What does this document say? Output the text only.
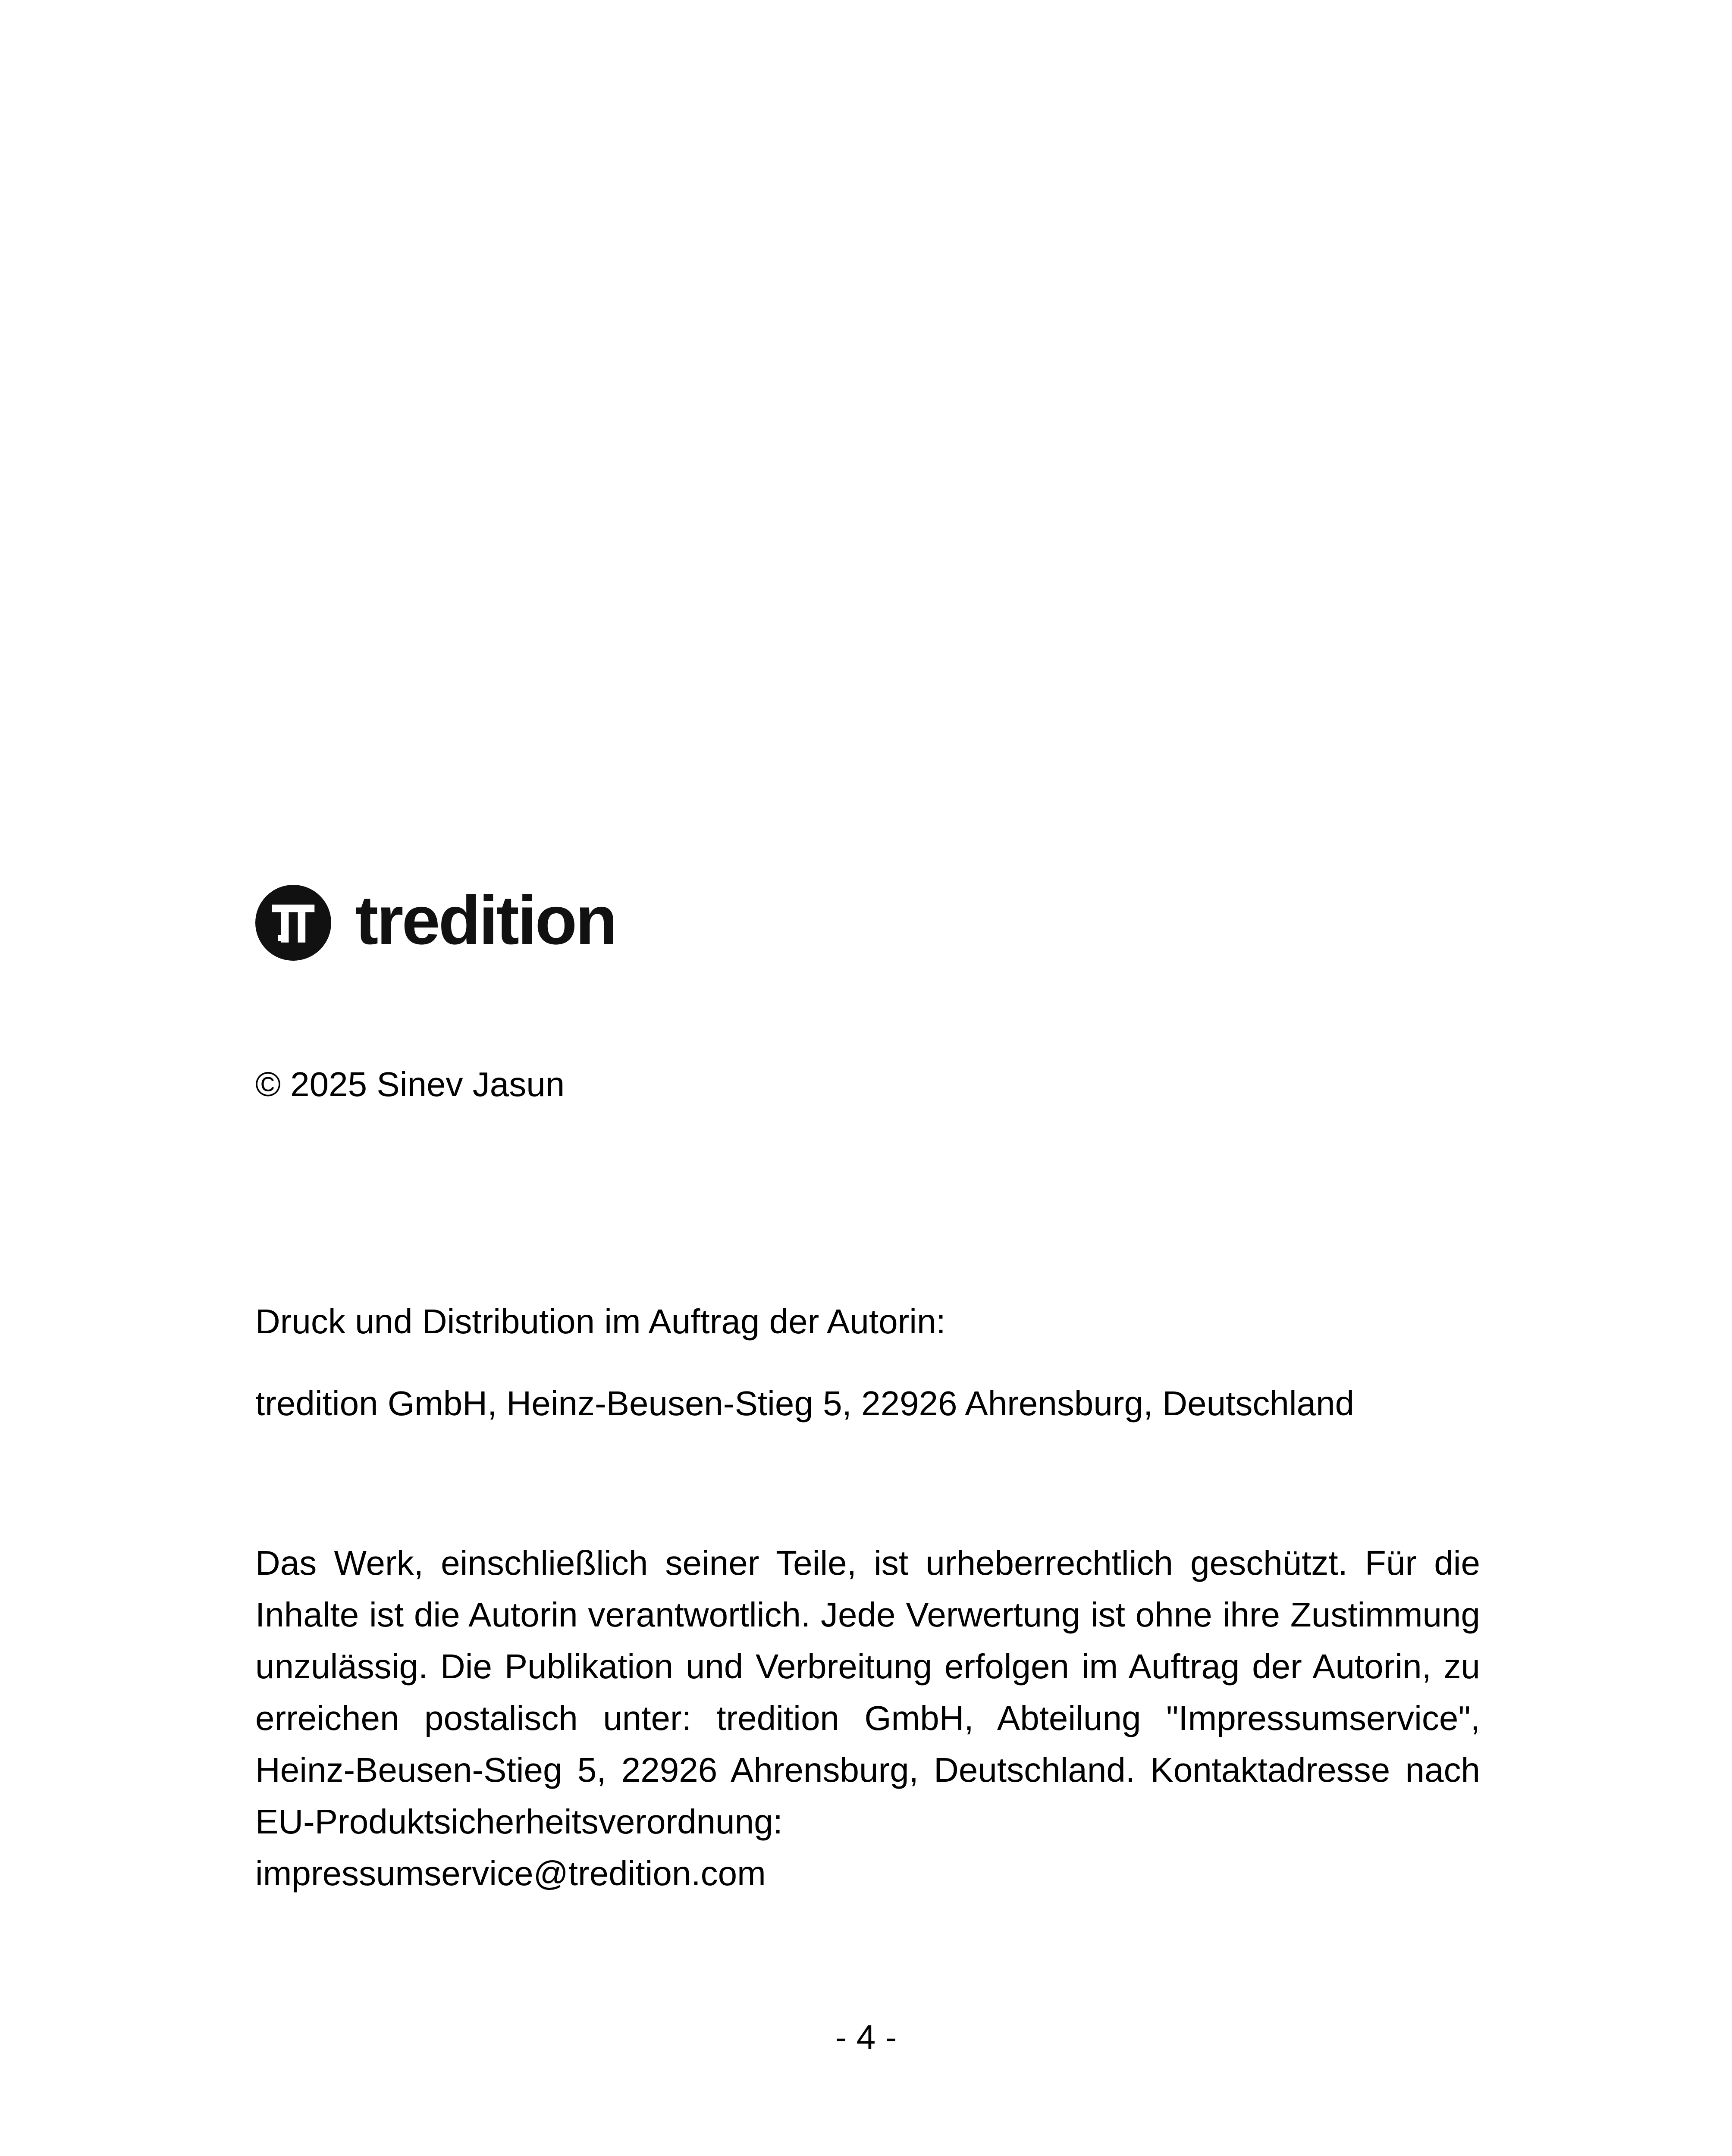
tredition

© 2025 Sinev Jasun

Druck und Distribution im Auftrag der Autorin:

tredition GmbH, Heinz-Beusen-Stieg 5, 22926 Ahrensburg, Deutschland

Das Werk, einschließlich seiner Teile, ist urheberrechtlich geschützt. Für die Inhalte ist die Autorin verantwortlich. Jede Verwertung ist ohne ihre Zustimmung unzulässig. Die Publikation und Verbreitung erfolgen im Auftrag der Autorin, zu erreichen postalisch unter: tredition GmbH, Abteilung "Impressumservice", Heinz-Beusen-Stieg 5, 22926 Ahrensburg, Deutschland. Kontaktadresse nach EU-Produktsicherheitsverordnung:

impressumservice@tredition.com

- 4 -
